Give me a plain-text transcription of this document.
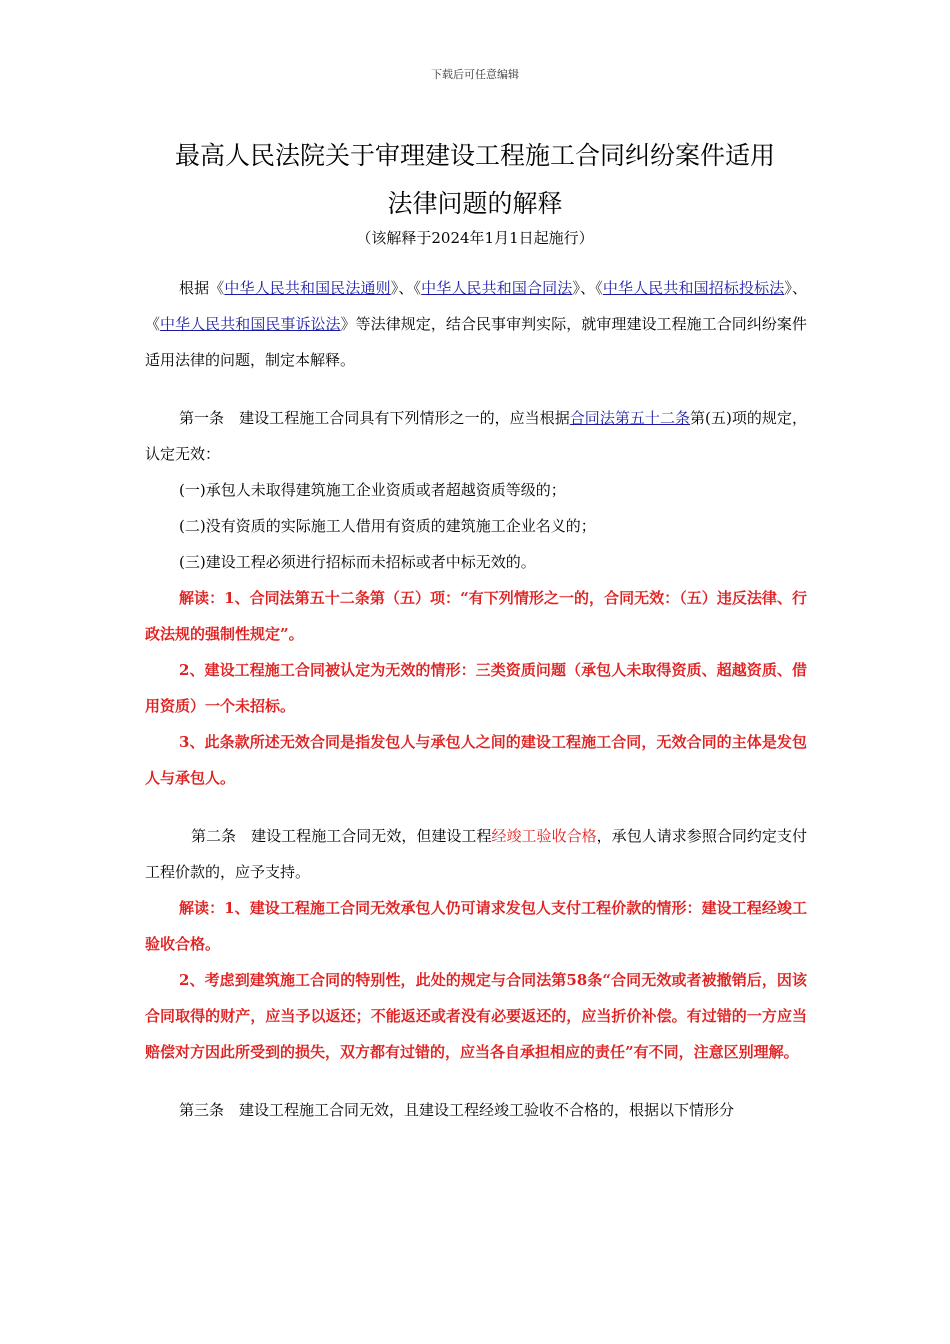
下载后可任意编辑
最高人民法院关于审理建设工程施工合同纠纷案件适用
法律问题的解释
（该解释于2024年1月1日起施行）

根据《中华人民共和国民法通则》、《中华人民共和国合同法》、《中华人民共和国招标投标法》、《中华人民共和国民事诉讼法》等法律规定，结合民事审判实际，就审理建设工程施工合同纠纷案件适用法律的问题，制定本解释。

第一条 建设工程施工合同具有下列情形之一的，应当根据合同法第五十二条第(五)项的规定，认定无效：

(一)承包人未取得建筑施工企业资质或者超越资质等级的；

(二)没有资质的实际施工人借用有资质的建筑施工企业名义的；

(三)建设工程必须进行招标而未招标或者中标无效的。

解读：1、合同法第五十二条第（五）项：“有下列情形之一的，合同无效：（五）违反法律、行政法规的强制性规定”。

2、建设工程施工合同被认定为无效的情形：三类资质问题（承包人未取得资质、超越资质、借用资质）一个未招标。

3、此条款所述无效合同是指发包人与承包人之间的建设工程施工合同，无效合同的主体是发包人与承包人。

第二条 建设工程施工合同无效，但建设工程经竣工验收合格，承包人请求参照合同约定支付工程价款的，应予支持。

解读：1、建设工程施工合同无效承包人仍可请求发包人支付工程价款的情形：建设工程经竣工验收合格。

2、考虑到建筑施工合同的特别性，此处的规定与合同法第58条“合同无效或者被撤销后，因该合同取得的财产，应当予以返还；不能返还或者没有必要返还的，应当折价补偿。有过错的一方应当赔偿对方因此所受到的损失，双方都有过错的，应当各自承担相应的责任”有不同，注意区别理解。

第三条 建设工程施工合同无效，且建设工程经竣工验收不合格的，根据以下情形分
